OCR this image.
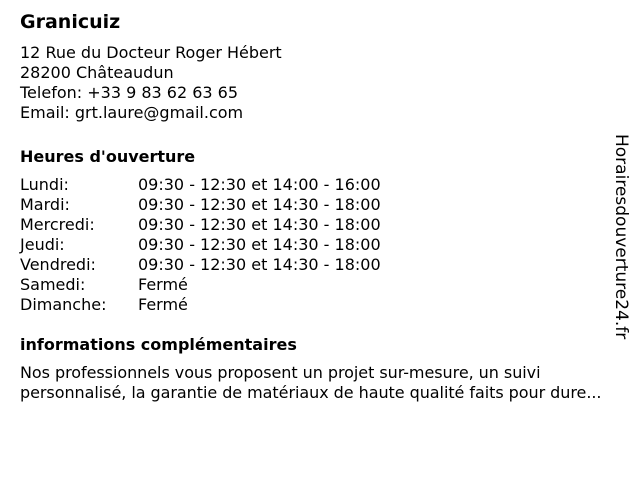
Granicuiz
12 Rue du Docteur Roger Hébert
28200 Châteaudun
Telefon: +33 9 83 62 63 65
Email: grt.laure@gmail.com
Heures d'ouverture
Lundi:	09:30 - 12:30 et 14:00 - 16:00
Mardi:	09:30 - 12:30 et 14:30 - 18:00
Mercredi:	09:30 - 12:30 et 14:30 - 18:00
Jeudi:	09:30 - 12:30 et 14:30 - 18:00
Vendredi:	09:30 - 12:30 et 14:30 - 18:00
Samedi:	Fermé
Dimanche:	Fermé
informations complémentaires
Nos professionnels vous proposent un projet sur-mesure, un suivi personnalisé, la garantie de matériaux de haute qualité faits pour dure...
Horairesdouverture24.fr
